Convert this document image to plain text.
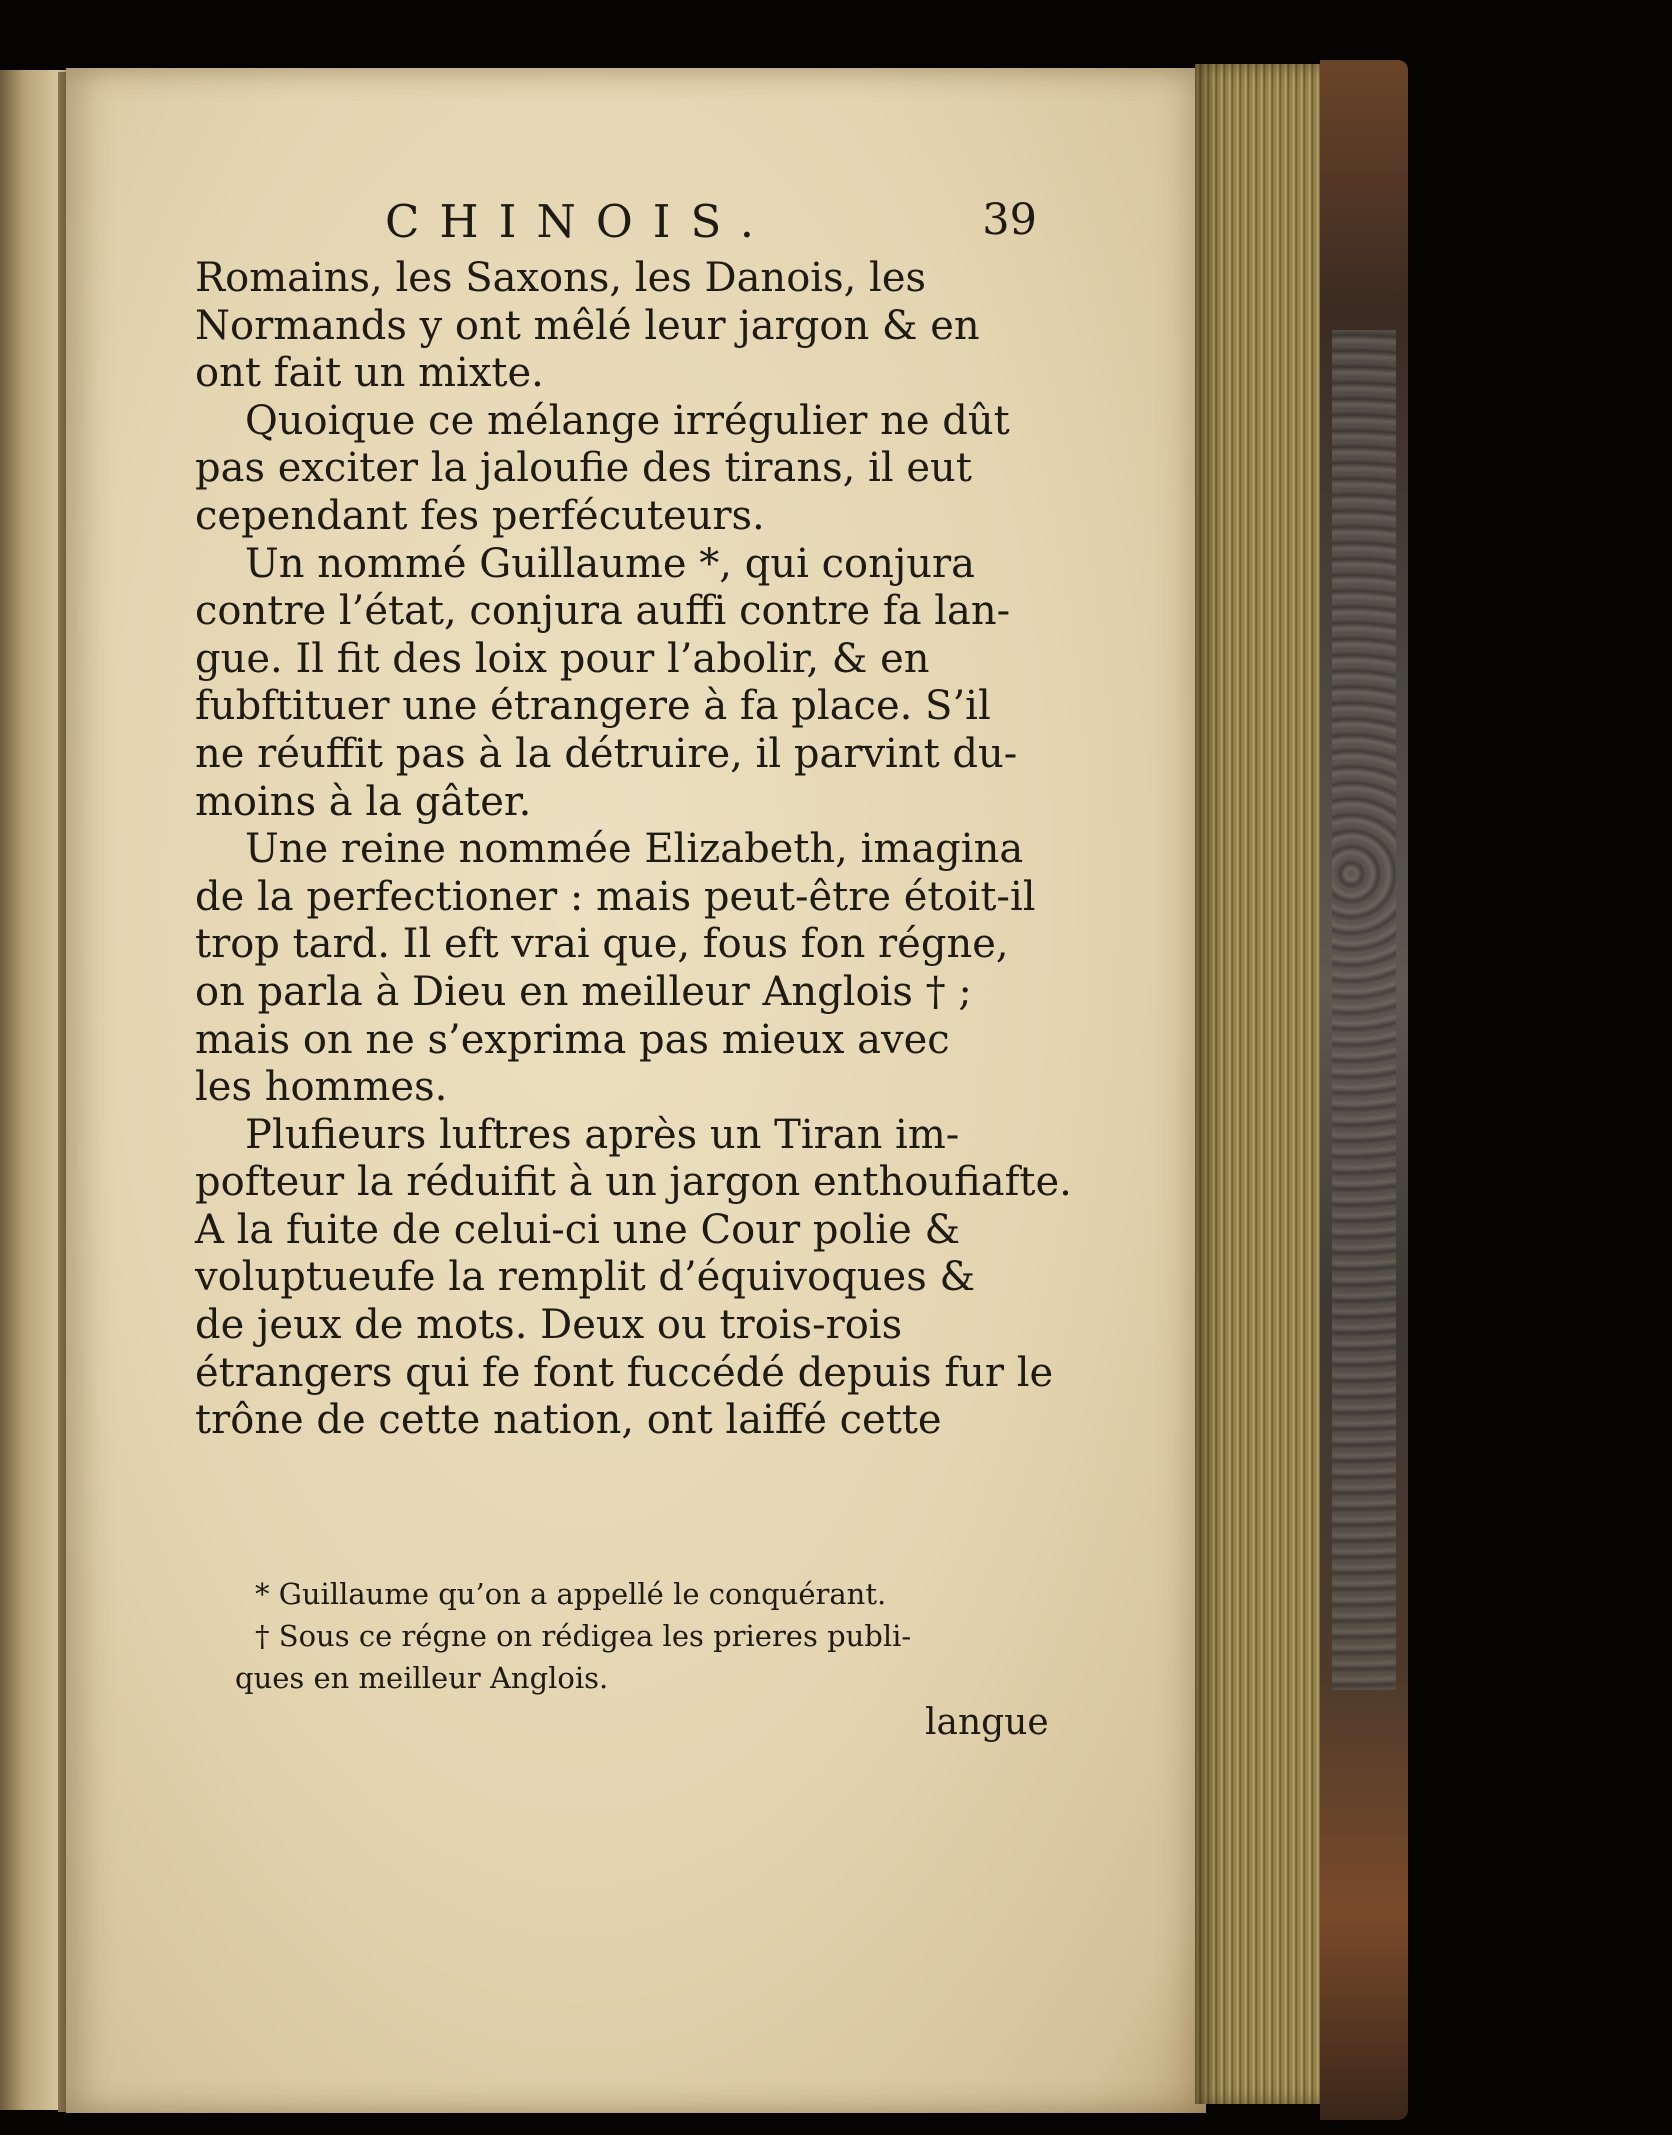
CHINOIS.	39
Romains, les Saxons, les Danois, les
Normands y ont mêlé leur jargon & en
ont fait un mixte.
Quoique ce mélange irrégulier ne dût
pas exciter la jaloufie des tirans, il eut
cependant fes perfécuteurs.
Un nommé Guillaume *, qui conjura
contre l’état, conjura auffi contre fa lan-
gue. Il fit des loix pour l’abolir, & en
fubftituer une étrangere à fa place. S’il
ne réuffit pas à la détruire, il parvint du-
moins à la gâter.
Une reine nommée Elizabeth, imagina
de la perfectioner : mais peut-être étoit-il
trop tard. Il eft vrai que, fous fon régne,
on parla à Dieu en meilleur Anglois † ;
mais on ne s’exprima pas mieux avec
les hommes.
Plufieurs luftres après un Tiran im-
pofteur la réduifit à un jargon enthoufiafte.
A la fuite de celui-ci une Cour polie &
voluptueufe la remplit d’équivoques &
de jeux de mots. Deux ou trois-rois
étrangers qui fe font fuccédé depuis fur le
trône de cette nation, ont laiffé cette
* Guillaume qu’on a appellé le conquérant.
† Sous ce régne on rédigea les prieres publi-
ques en meilleur Anglois.
langue
